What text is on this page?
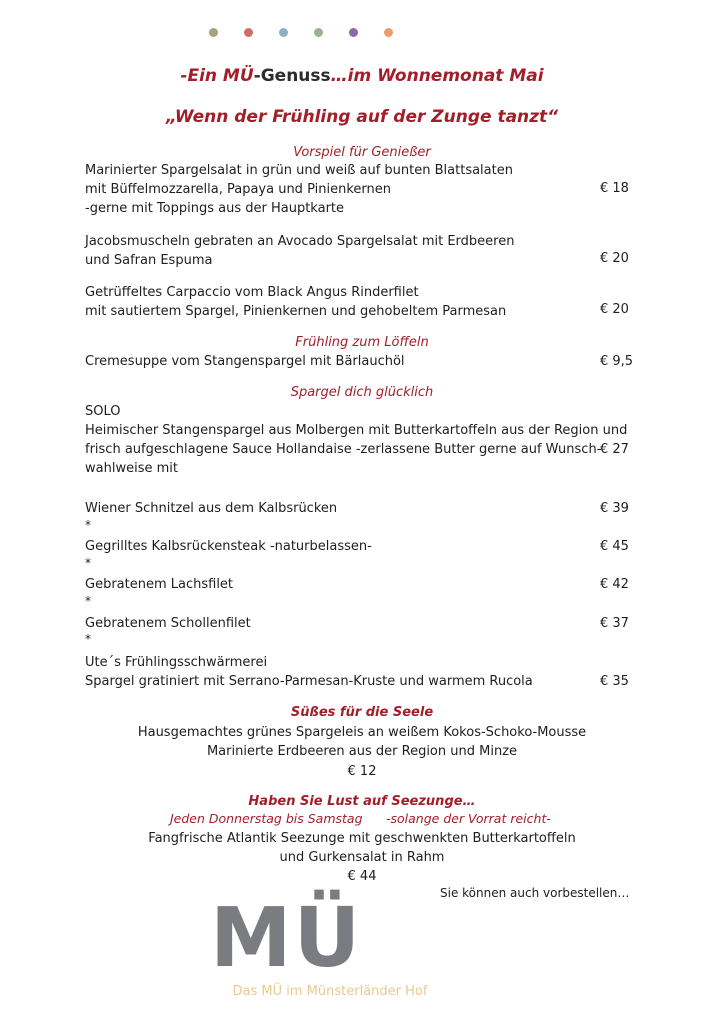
-Ein MÜ-Genuss…im Wonnemonat Mai
„Wenn der Frühling auf der Zunge tanzt“
Vorspiel für Genießer
Marinierter Spargelsalat in grün und weiß auf bunten Blattsalaten
mit Büffelmozzarella, Papaya und Pinienkernen
-gerne mit Toppings aus der Hauptkarte
€ 18
Jacobsmuscheln gebraten an Avocado Spargelsalat mit Erdbeeren
und Safran Espuma	€ 20
Getrüffeltes Carpaccio vom Black Angus Rinderfilet
mit sautiertem Spargel, Pinienkernen und gehobeltem Parmesan	€ 20
Frühling zum Löffeln
Cremesuppe vom Stangenspargel mit Bärlauchöl	€ 9,5
Spargel dich glücklich
SOLO
Heimischer Stangenspargel aus Molbergen mit Butterkartoffeln aus der Region und
frisch aufgeschlagene Sauce Hollandaise -zerlassene Butter gerne auf Wunsch-
wahlweise mit
€ 27
Wiener Schnitzel aus dem Kalbsrücken	€ 39
*
Gegrilltes Kalbsrückensteak -naturbelassen-	€ 45
*
Gebratenem Lachsfilet	€ 42
*
Gebratenem Schollenfilet	€ 37
*
Ute´s Frühlingsschwärmerei
Spargel gratiniert mit Serrano-Parmesan-Kruste und warmem Rucola	€ 35
Süßes für die Seele
Hausgemachtes grünes Spargeleis an weißem Kokos-Schoko-Mousse
Marinierte Erdbeeren aus der Region und Minze
€ 12
Haben Sie Lust auf Seezunge…
Jeden Donnerstag bis Samstag -solange der Vorrat reicht-
Fangfrische Atlantik Seezunge mit geschwenkten Butterkartoffeln
und Gurkensalat in Rahm
€ 44
Sie können auch vorbestellen…
MÜ
Das MÜ im Münsterländer Hof
